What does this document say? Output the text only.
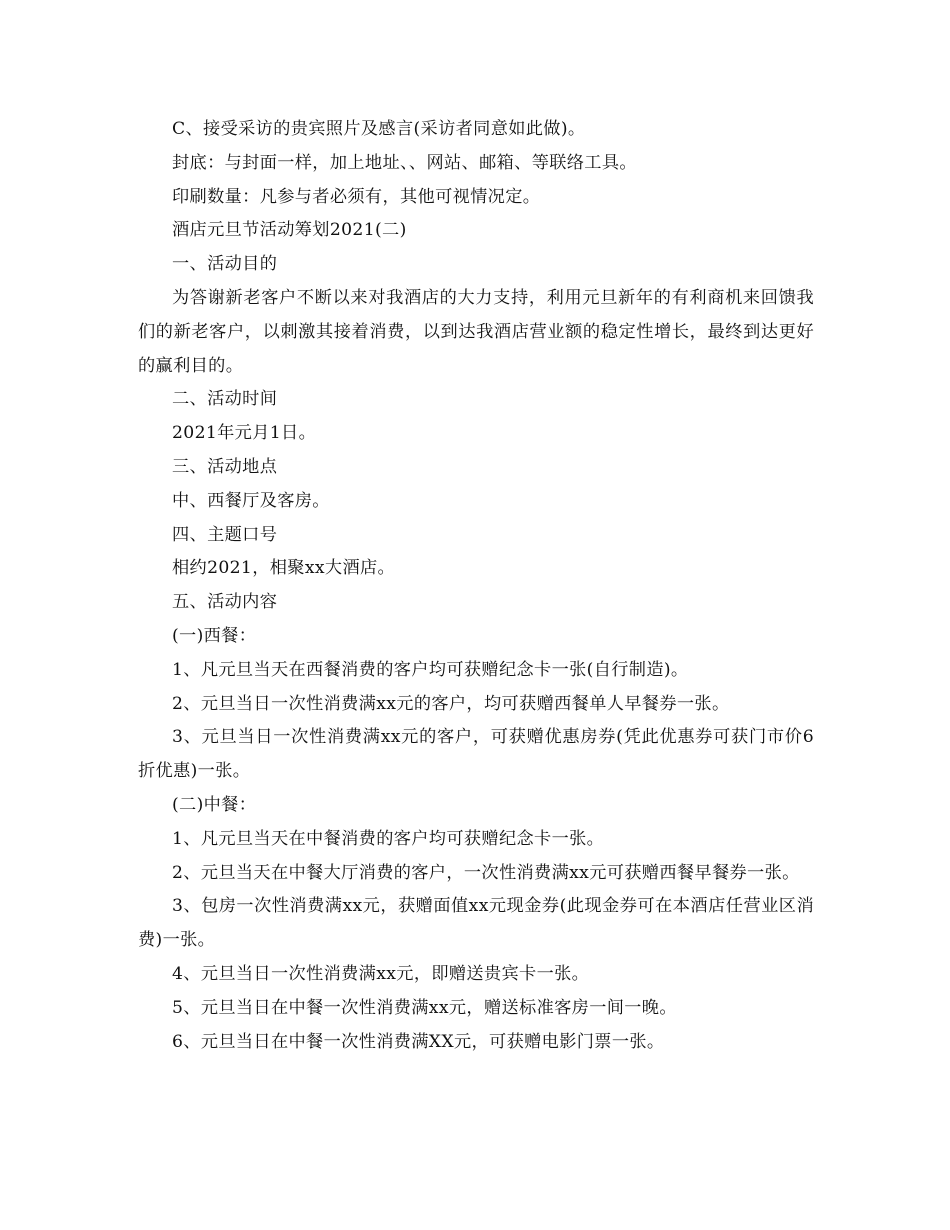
C、接受采访的贵宾照片及感言(采访者同意如此做)。

封底：与封面一样，加上地址、、网站、邮箱、等联络工具。

印刷数量：凡参与者必须有，其他可视情况定。

酒店元旦节活动筹划2021(二)

一、活动目的

为答谢新老客户不断以来对我酒店的大力支持，利用元旦新年的有利商机来回馈我们的新老客户，以刺激其接着消费，以到达我酒店营业额的稳定性增长，最终到达更好的赢利目的。

二、活动时间

2021年元月1日。

三、活动地点

中、西餐厅及客房。

四、主题口号

相约2021，相聚xx大酒店。

五、活动内容

(一)西餐：

1、凡元旦当天在西餐消费的客户均可获赠纪念卡一张(自行制造)。

2、元旦当日一次性消费满xx元的客户，均可获赠西餐单人早餐券一张。

3、元旦当日一次性消费满xx元的客户，可获赠优惠房券(凭此优惠券可获门市价6折优惠)一张。

(二)中餐：

1、凡元旦当天在中餐消费的客户均可获赠纪念卡一张。

2、元旦当天在中餐大厅消费的客户，一次性消费满xx元可获赠西餐早餐券一张。

3、包房一次性消费满xx元，获赠面值xx元现金券(此现金券可在本酒店任营业区消费)一张。

4、元旦当日一次性消费满xx元，即赠送贵宾卡一张。

5、元旦当日在中餐一次性消费满xx元，赠送标准客房一间一晚。

6、元旦当日在中餐一次性消费满XX元，可获赠电影门票一张。
